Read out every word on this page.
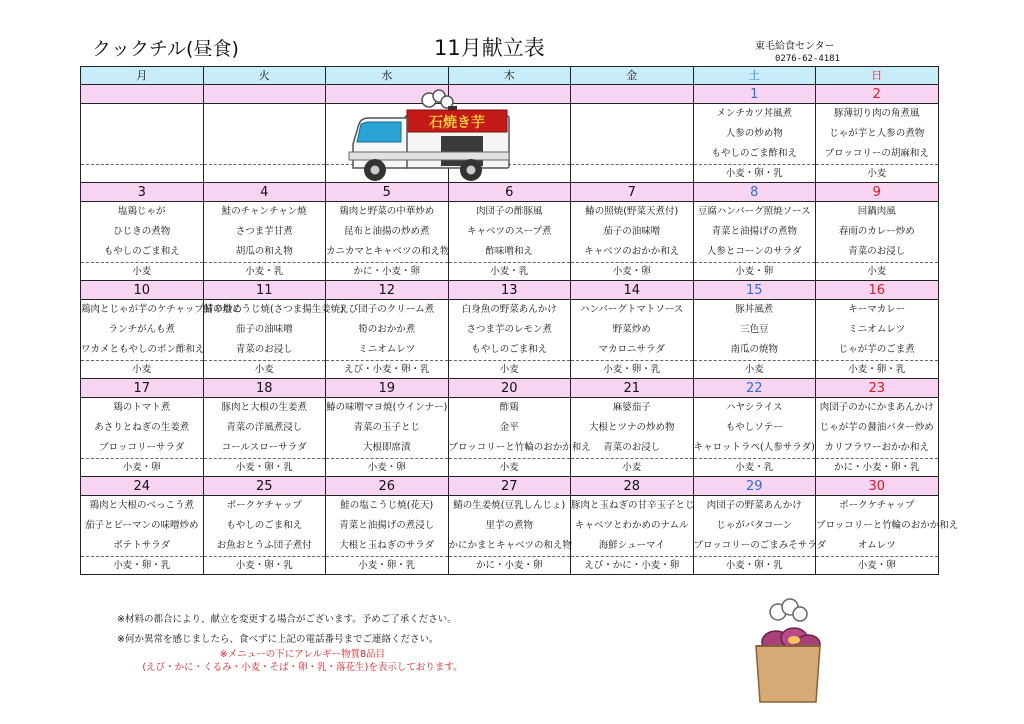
クックチル(昼食)	11月献立表	東毛給食センター
0276-62-4181
月	火	水	木	金	土	日
					1	2
					メンチカツ丼風煮	豚薄切り肉の角煮風
					人参の炒め物	じゃが芋と人参の煮物
					もやしのごま酢和え	ブロッコリーの胡麻和え
					小麦・卵・乳	小麦
3	4	5	6	7	8	9
塩鶏じゃが	鮭のチャンチャン焼	鶏肉と野菜の中華炒め	肉団子の酢豚風	鰆の照焼(野菜天煮付)	豆腐ハンバーグ照焼ソース	回鍋肉風
ひじきの煮物	さつま芋甘煮	昆布と油揚の炒め煮	キャベツのスープ煮	茄子の油味噌	青菜と油揚げの煮物	春雨のカレー炒め
もやしのごま和え	胡瓜の和え物	カニカマとキャベツの和え物	酢味噌和え	キャベツのおかか和え	人参とコーンのサラダ	青菜のお浸し
小麦	小麦・乳	かに・小麦・卵	小麦・乳	小麦・卵	小麦・卵	小麦
10	11	12	13	14	15	16
鶏肉とじゃが芋のケチャップ甘辛炒め	鯖の塩こうじ焼(さつま揚生姜焼)	えび団子のクリーム煮	白身魚の野菜あんかけ	ハンバーグトマトソース	豚丼風煮	キーマカレー
ランチがんも煮	茄子の油味噌	筍のおかか煮	さつま芋のレモン煮	野菜炒め	三色豆	ミニオムレツ
ワカメともやしのポン酢和え	青菜のお浸し	ミニオムレツ	もやしのごま和え	マカロニサラダ	南瓜の焼物	じゃが芋のごま煮
小麦	小麦	えび・小麦・卵・乳	小麦	小麦・卵・乳	小麦	小麦・卵・乳
17	18	19	20	21	22	23
鶏のトマト煮	豚肉と大根の生姜煮	鰆の味噌マヨ焼(ウインナー)	酢鶏	麻婆茄子	ハヤシライス	肉団子のかにかまあんかけ
あさりとねぎの生姜煮	青菜の洋風煮浸し	青菜の玉子とじ	金平	大根とツナの炒め物	もやしソテー	じゃが芋の醤油バター炒め
ブロッコリーサラダ	コールスローサラダ	大根即席漬	ブロッコリーと竹輪のおかか和え	青菜のお浸し	キャロットラペ(人参サラダ)	カリフラワーおかか和え
小麦・卵	小麦・卵・乳	小麦・卵	小麦	小麦	小麦・乳	かに・小麦・卵・乳
24	25	26	27	28	29	30
鶏肉と大根のべっこう煮	ポークケチャップ	鮭の塩こうじ焼(花天)	鯖の生姜焼(豆乳しんじょ)	豚肉と玉ねぎの甘辛玉子とじ	肉団子の野菜あんかけ	ポークケチャップ
茄子とピーマンの味噌炒め	もやしのごま和え	青菜と油揚げの煮浸し	里芋の煮物	キャベツとわかめのナムル	じゃがバタコーン	ブロッコリーと竹輪のおかか和え
ポテトサラダ	お魚おとうふ団子煮付	大根と玉ねぎのサラダ	かにかまとキャベツの和え物	海鮮シューマイ	ブロッコリーのごまみそサラダ	オムレツ
小麦・卵・乳	小麦・卵・乳	小麦・卵・乳	かに・小麦・卵	えび・かに・小麦・卵	小麦・卵・乳	小麦・卵
石焼き芋
※材料の都合により、献立を変更する場合がございます。予めご了承ください。
※何か異常を感じましたら、食べずに上記の電話番号までご連絡ください。
※メニューの下にアレルギー物質8品目
(えび・かに・くるみ・小麦・そば・卵・乳・落花生)を表示しております。
